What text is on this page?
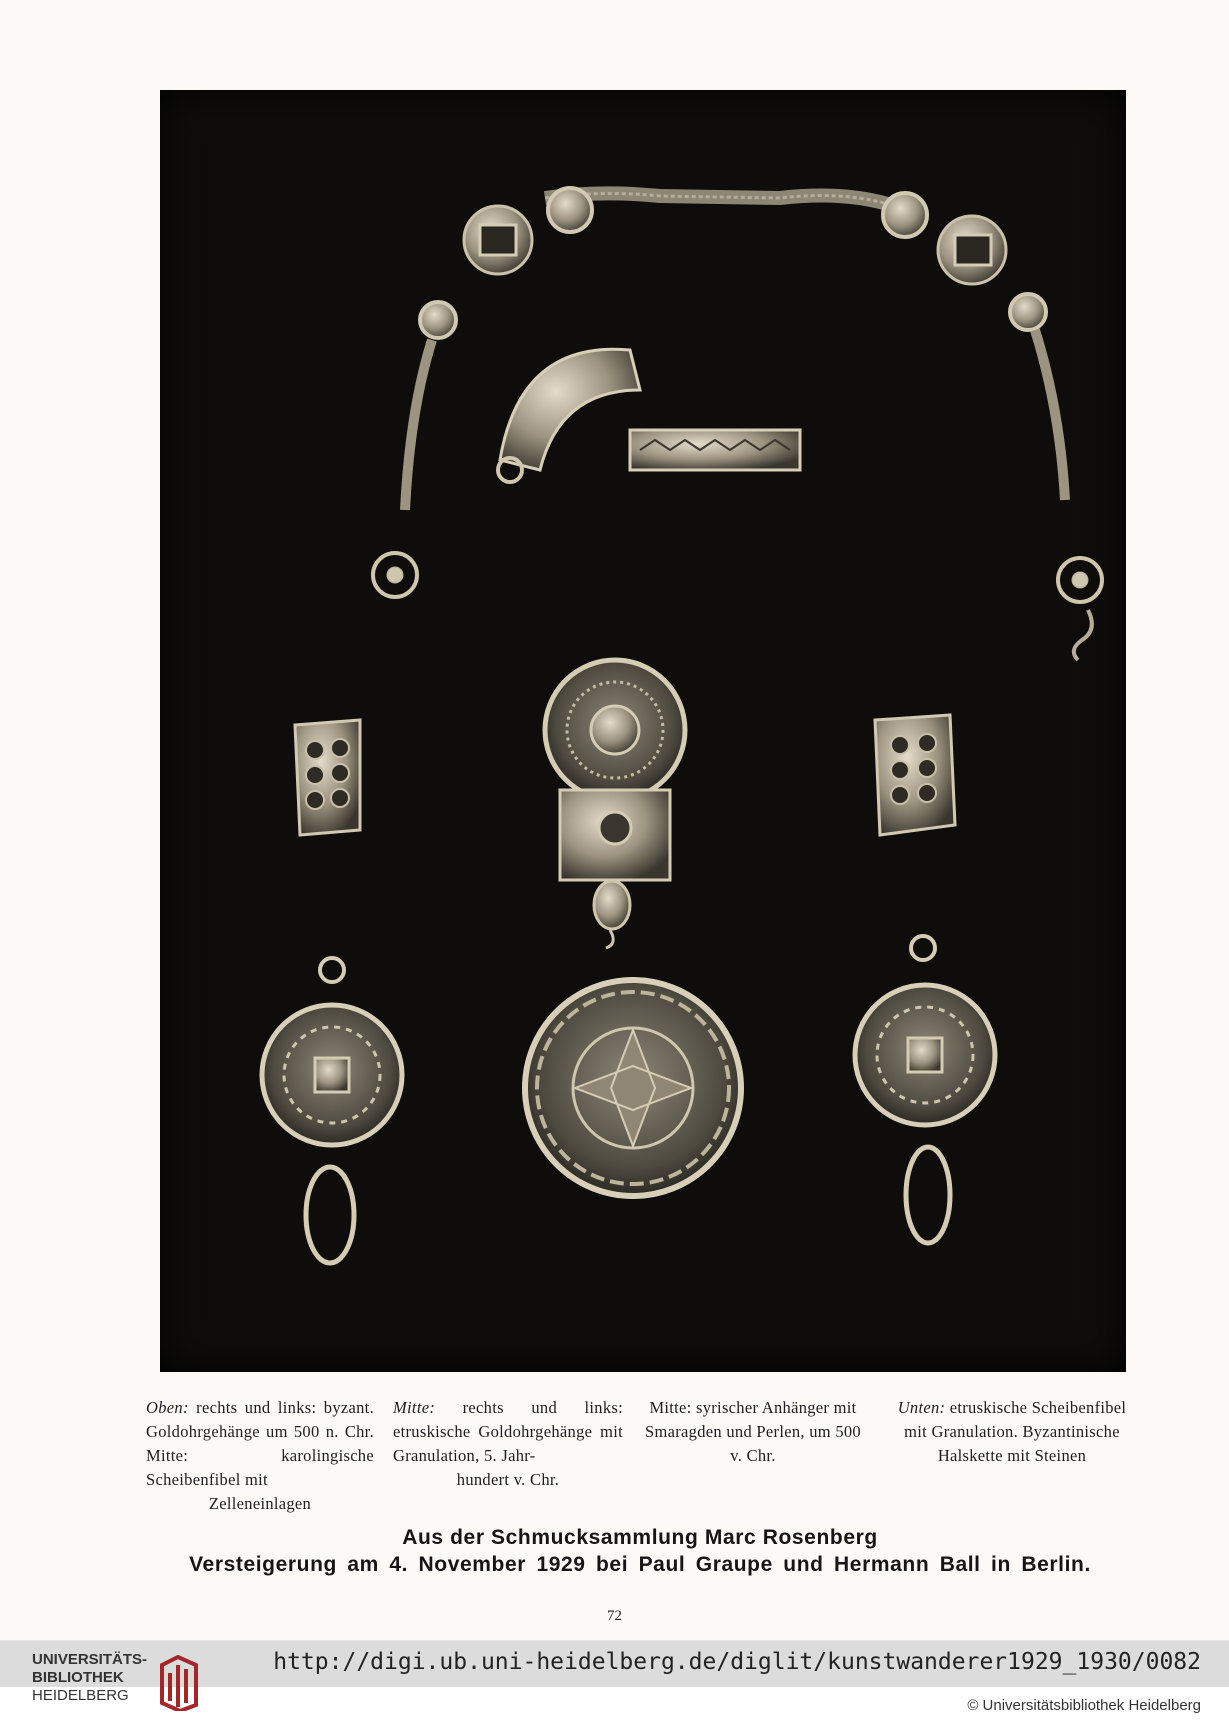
Oben: rechts und links: byzant. Goldohrgehänge um 500 n. Chr. Mitte: karolingische Scheibenfibel mit
Zelleneinlagen
Mitte: rechts und links: etruskische Goldohrgehänge mit Granulation, 5. Jahr-
hundert v. Chr.
Mitte: syrischer Anhänger mit Smaragden und Perlen, um 500 v. Chr.
Unten: etruskische Scheibenfibel mit Granulation. Byzantinische Halskette mit Steinen
Aus der Schmucksammlung Marc Rosenberg
Versteigerung am 4. November 1929 bei Paul Graupe und Hermann Ball in Berlin.
72
UNIVERSITÄTS-
BIBLIOTHEK
HEIDELBERG
http://digi.ub.uni-heidelberg.de/diglit/kunstwanderer1929_1930/0082
© Universitätsbibliothek Heidelberg
